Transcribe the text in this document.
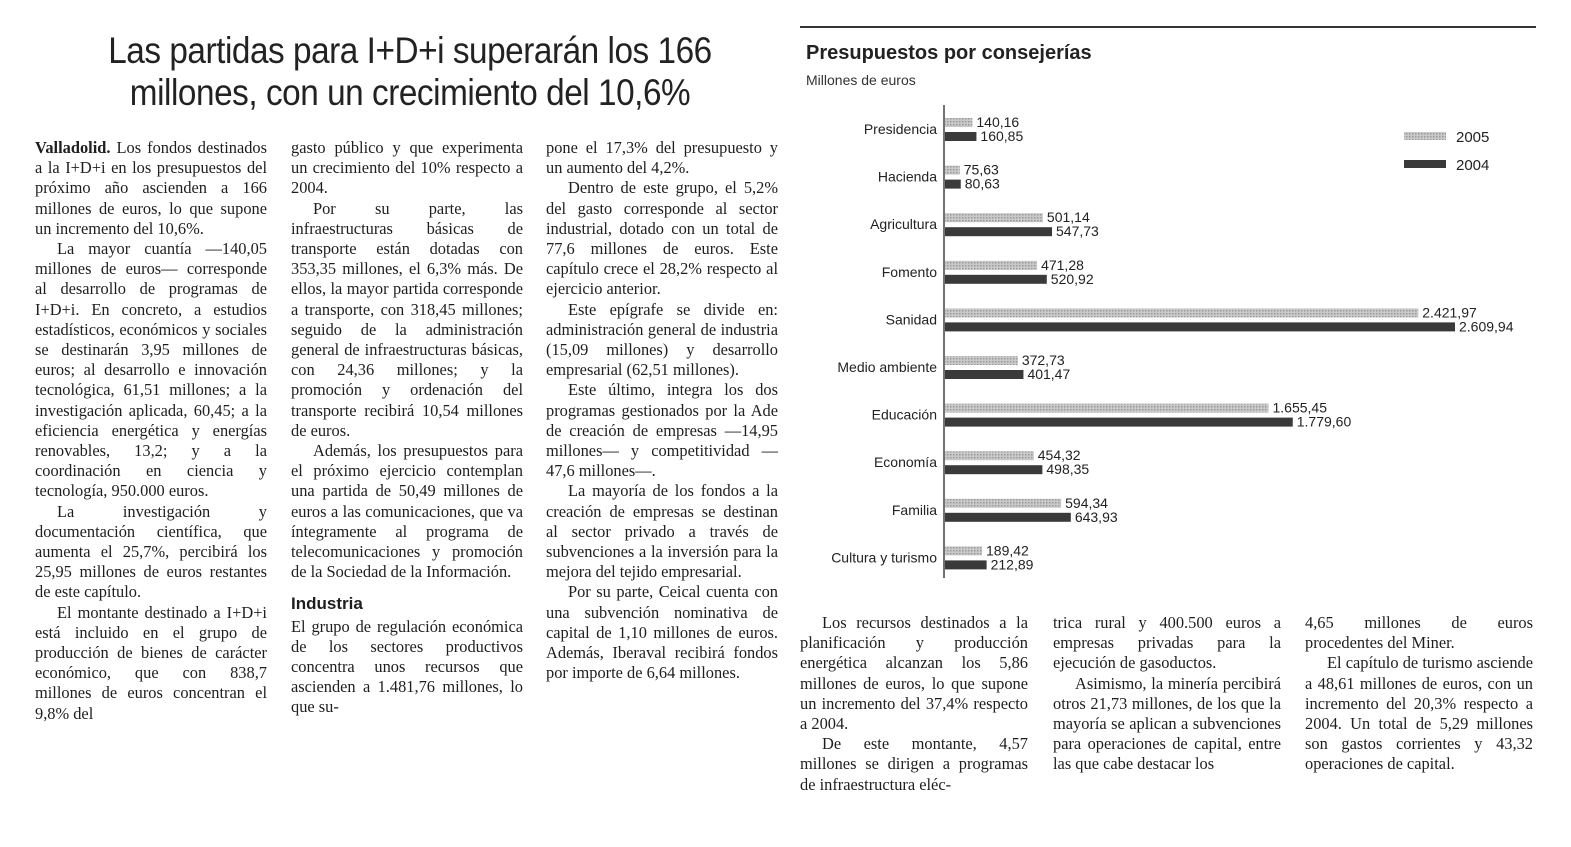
Las partidas para I+D+i superarán los 166
millones, con un crecimiento del 10,6%

Valladolid. Los fondos destinados a la I+D+i en los presupuestos del próximo año ascienden a 166 millones de euros, lo que supone un incremento del 10,6%.

La mayor cuantía —140,05 millones de euros— corresponde al desarrollo de programas de I+D+i. En concreto, a estudios estadísticos, económicos y sociales se destinarán 3,95 millones de euros; al desarrollo e innovación tecnológica, 61,51 millones; a la investigación aplicada, 60,45; a la eficiencia energética y energías renovables, 13,2; y a la coordinación en ciencia y tecnología, 950.000 euros.

La investigación y documentación científica, que aumenta el 25,7%, percibirá los 25,95 millones de euros restantes de este capítulo.

El montante destinado a I+D+i está incluido en el grupo de producción de bienes de carácter económico, que con 838,7 millones de euros concentran el 9,8% del

gasto público y que experimenta un crecimiento del 10% respecto a 2004.

Por su parte, las infraestructuras básicas de transporte están dotadas con 353,35 millones, el 6,3% más. De ellos, la mayor partida corresponde a transporte, con 318,45 millones; seguido de la administración general de infraestructuras básicas, con 24,36 millones; y la promoción y ordenación del transporte recibirá 10,54 millones de euros.

Además, los presupuestos para el próximo ejercicio contemplan una partida de 50,49 millones de euros a las comunicaciones, que va íntegramente al programa de telecomunicaciones y promoción de la Sociedad de la Información.

Industria

El grupo de regulación económica de los sectores productivos concentra unos recursos que ascienden a 1.481,76 millones, lo que su-

pone el 17,3% del presupuesto y un aumento del 4,2%.

Dentro de este grupo, el 5,2% del gasto corresponde al sector industrial, dotado con un total de 77,6 millones de euros. Este capítulo crece el 28,2% respecto al ejercicio anterior.

Este epígrafe se divide en: administración general de industria (15,09 millones) y desarrollo empresarial (62,51 millones).

Este último, integra los dos programas gestionados por la Ade de creación de empresas —14,95 millones— y competitividad —47,6 millones—.

La mayoría de los fondos a la creación de empresas se destinan al sector privado a través de subvenciones a la inversión para la mejora del tejido empresarial.

Por su parte, Ceical cuenta con una subvención nominativa de capital de 1,10 millones de euros. Además, Iberaval recibirá fondos por importe de 6,64 millones.

Presupuestos por consejerías
Millones de euros
Presidencia	140,16
160,85
Hacienda 75,63
80,63
Agricultura	501,14
547,73
Fomento	471,28
520,92
Sanidad	2.421,97
2.609,94
Medio ambiente	372,73
401,47
Educación	1.655,45
1.779,60
Economía	454,32
498,35
Familia	594,34
643,93
Cultura y turismo	189,42
212,89
2005
2004

Los recursos destinados a la planificación y producción energética alcanzan los 5,86 millones de euros, lo que supone un incremento del 37,4% respecto a 2004.

De este montante, 4,57 millones se dirigen a programas de infraestructura eléc-

trica rural y 400.500 euros a empresas privadas para la ejecución de gasoductos.

Asimismo, la minería percibirá otros 21,73 millones, de los que la mayoría se aplican a subvenciones para operaciones de capital, entre las que cabe destacar los

4,65 millones de euros procedentes del Miner.

El capítulo de turismo asciende a 48,61 millones de euros, con un incremento del 20,3% respecto a 2004. Un total de 5,29 millones son gastos corrientes y 43,32 operaciones de capital.
